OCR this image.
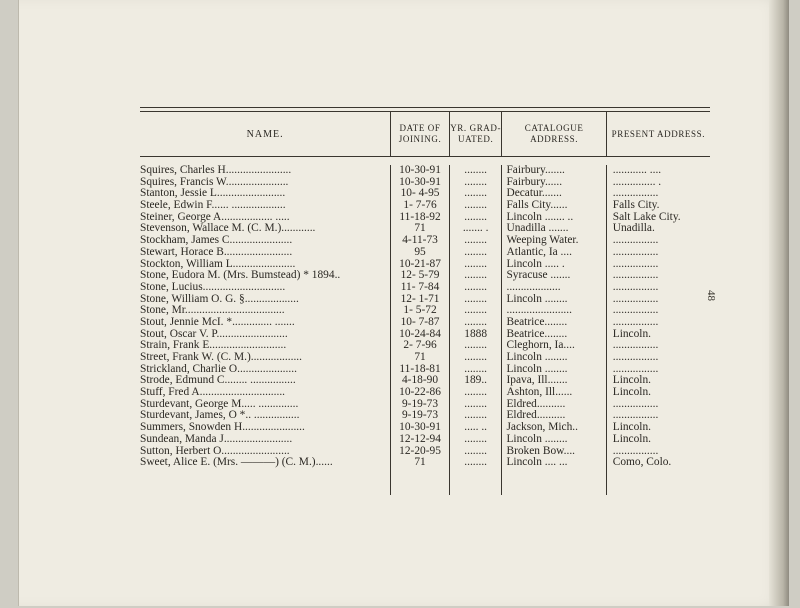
NAME.
DATE OF JOINING.
YR. GRAD- UATED.
CATALOGUE ADDRESS.
PRESENT ADDRESS.
Squires, Charles H.......................
Squires, Francis W......................
Stanton, Jessie L........................
Steele, Edwin F...... ...................
Steiner, George A.................. .....
Stevenson, Wallace M. (C. M.)............
Stockham, James C......................
Stewart, Horace B........................
Stockton, William L......................
Stone, Eudora M. (Mrs. Bumstead) * 1894..
Stone, Lucius.............................
Stone, William O. G. §...................
Stone, Mr...................................
Stout, Jennie McI. *.............. .......
Stout, Oscar V. P.........................
Strain, Frank E...........................
Street, Frank W. (C. M.)..................
Strickland, Charlie O.....................
Strode, Edmund C........ ................
Stuff, Fred A..............................
Sturdevant, George M..... ..............
Sturdevant, James, O *.. ................
Summers, Snowden H......................
Sundean, Manda J........................
Sutton, Herbert O........................
Sweet, Alice E. (Mrs. ———) (C. M.)......
10-30-91
10-30-91
10- 4-95
1- 7-76
11-18-92
71
4-11-73
95
10-21-87
12- 5-79
11- 7-84
12- 1-71
1- 5-72
10- 7-87
10-24-84
2- 7-96
71
11-18-81
4-18-90
10-22-86
9-19-73
9-19-73
10-30-91
12-12-94
12-20-95
71
........
........
........
........
........
....... .
........
........
........
........
........
........
........
........
1888
........
........
........
189..
........
........
........
..... ..
........
........
........
Fairbury.......
Fairbury......
Decatur.......
Falls City......
Lincoln ....... ..
Unadilla .......
Weeping Water.
Atlantic, Ia ....
Lincoln ..... .
Syracuse .......
...................
Lincoln ........
.......................
Beatrice........
Beatrice........
Cleghorn, Ia....
Lincoln ........
Lincoln ........
Ipava, Ill.......
Ashton, Ill......
Eldred..........
Eldred..........
Jackson, Mich..
Lincoln ........
Broken Bow....
Lincoln .... ...
............ ....
............... .
................
Falls City.
Salt Lake City.
Unadilla.
................
................
................
................
................
................
................
................
Lincoln.
................
................
................
Lincoln.
Lincoln.
................
................
Lincoln.
Lincoln.
................
Como, Colo.
48
